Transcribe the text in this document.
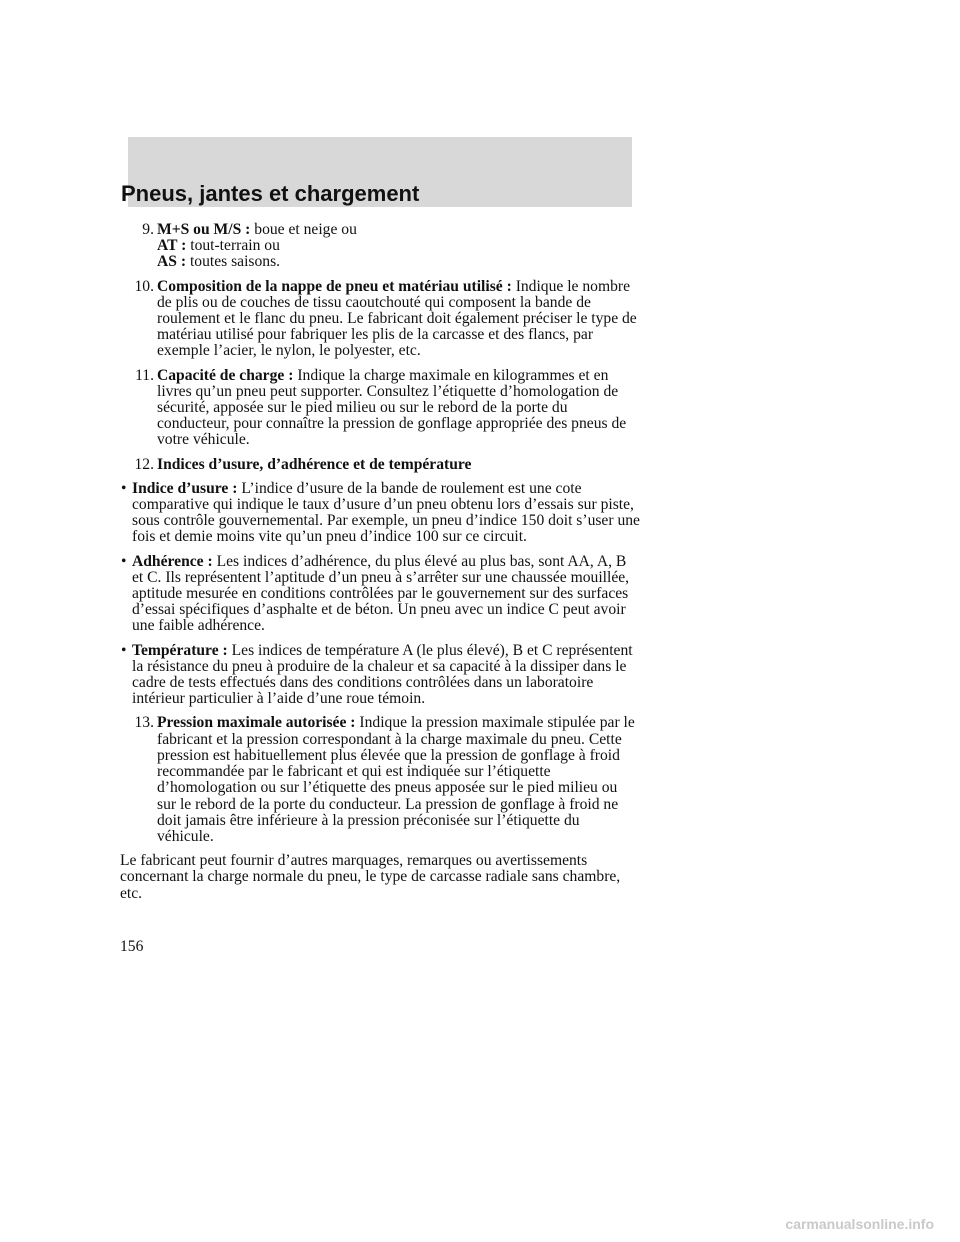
Pneus, jantes et chargement
9. M+S ou M/S : boue et neige ou
AT : tout-terrain ou
AS : toutes saisons.
10. Composition de la nappe de pneu et matériau utilisé : Indique le nombre de plis ou de couches de tissu caoutchouté qui composent la bande de roulement et le flanc du pneu. Le fabricant doit également préciser le type de matériau utilisé pour fabriquer les plis de la carcasse et des flancs, par exemple l’acier, le nylon, le polyester, etc.
11. Capacité de charge : Indique la charge maximale en kilogrammes et en livres qu’un pneu peut supporter. Consultez l’étiquette d’homologation de sécurité, apposée sur le pied milieu ou sur le rebord de la porte du conducteur, pour connaître la pression de gonflage appropriée des pneus de votre véhicule.
12. Indices d’usure, d’adhérence et de température
• Indice d’usure : L’indice d’usure de la bande de roulement est une cote comparative qui indique le taux d’usure d’un pneu obtenu lors d’essais sur piste, sous contrôle gouvernemental. Par exemple, un pneu d’indice 150 doit s’user une fois et demie moins vite qu’un pneu d’indice 100 sur ce circuit.
• Adhérence : Les indices d’adhérence, du plus élevé au plus bas, sont AA, A, B et C. Ils représentent l’aptitude d’un pneu à s’arrêter sur une chaussée mouillée, aptitude mesurée en conditions contrôlées par le gouvernement sur des surfaces d’essai spécifiques d’asphalte et de béton. Un pneu avec un indice C peut avoir une faible adhérence.
• Température : Les indices de température A (le plus élevé), B et C représentent la résistance du pneu à produire de la chaleur et sa capacité à la dissiper dans le cadre de tests effectués dans des conditions contrôlées dans un laboratoire intérieur particulier à l’aide d’une roue témoin.
13. Pression maximale autorisée : Indique la pression maximale stipulée par le fabricant et la pression correspondant à la charge maximale du pneu. Cette pression est habituellement plus élevée que la pression de gonflage à froid recommandée par le fabricant et qui est indiquée sur l’étiquette d’homologation ou sur l’étiquette des pneus apposée sur le pied milieu ou sur le rebord de la porte du conducteur. La pression de gonflage à froid ne doit jamais être inférieure à la pression préconisée sur l’étiquette du véhicule.
Le fabricant peut fournir d’autres marquages, remarques ou avertissements concernant la charge normale du pneu, le type de carcasse radiale sans chambre, etc.
156
carmanualsonline.info
